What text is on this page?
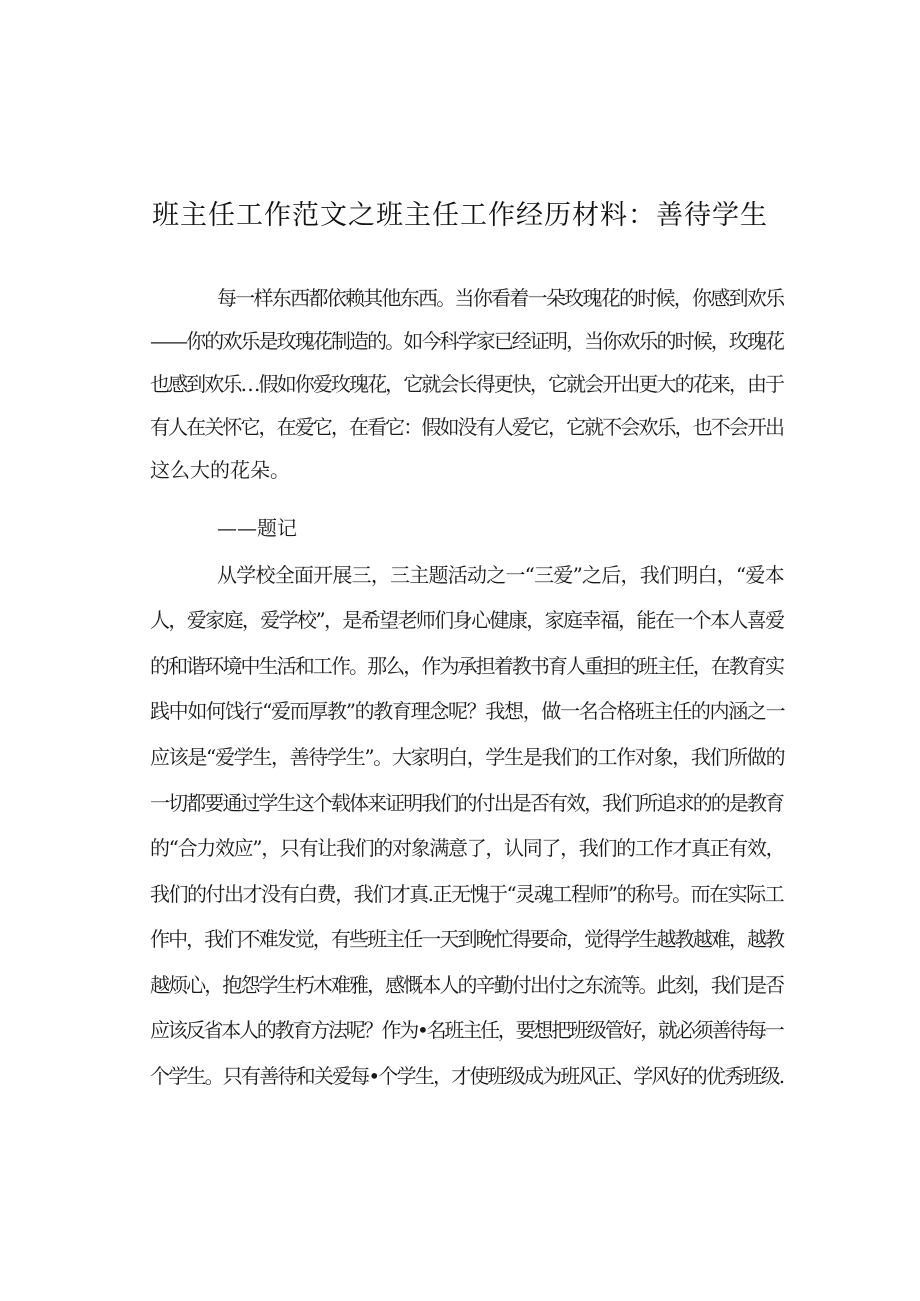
班主任工作范文之班主任工作经历材料：善待学生
每一样东西都依赖其他东西。当你看着一朵玫瑰花的时候，你感到欢乐
——你的欢乐是玫瑰花制造的。如今科学家已经证明，当你欢乐的时候，玫瑰花
也感到欢乐…假如你爱玫瑰花，它就会长得更快，它就会开出更大的花来，由于
有人在关怀它，在爱它，在看它：假如没有人爱它，它就不会欢乐，也不会开出
这么大的花朵。
——题记
从学校全面开展三，三主题活动之一“三爱”之后，我们明白，“爱本
人，爱家庭，爱学校”，是希望老师们身心健康，家庭幸福，能在一个本人喜爱
的和谐环境中生活和工作。那么，作为承担着教书育人重担的班主任，在教育实
践中如何饯行“爱而厚教”的教育理念呢？我想，做一名合格班主任的内涵之一
应该是“爱学生，善待学生”。大家明白，学生是我们的工作对象，我们所做的
一切都要通过学生这个载体来证明我们的付出是否有效，我们所追求的的是教育
的“合力效应”，只有让我们的对象满意了，认同了，我们的工作才真正有效，
我们的付出才没有白费，我们才真.正无愧于“灵魂工程师”的称号。而在实际工
作中，我们不难发觉，有些班主任一天到晚忙得要命，觉得学生越教越难，越教
越烦心，抱怨学生朽木难雅，感慨本人的辛勤付出付之东流等。此刻，我们是否
应该反省本人的教育方法呢？作为•名班主任，要想把班级管好，就必须善待每一
个学生。只有善待和关爱每•个学生，才使班级成为班风正、学风好的优秀班级.
